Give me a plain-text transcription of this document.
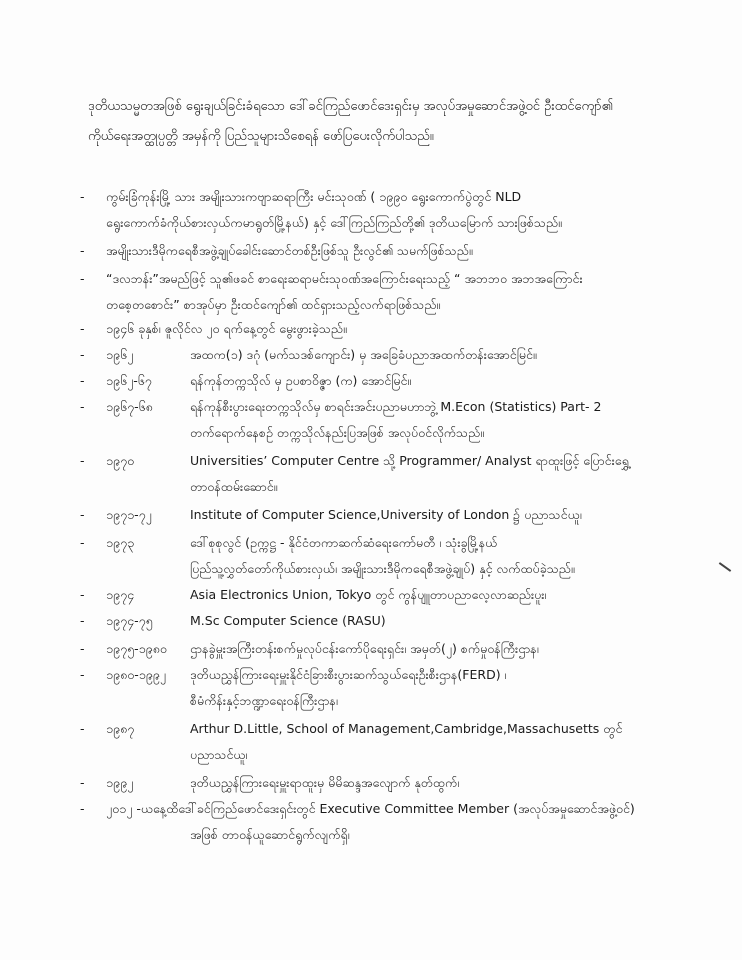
ဒုတိယသမ္မတအဖြစ် ရွေးချယ်ခြင်းခံရသော ဒေါ်ခင်ကြည်ဖောင်ဒေးရှင်းမှ အလုပ်အမှုဆောင်အဖွဲ့ဝင် ဦးထင်ကျော်၏
ကိုယ်ရေးအတ္ထုပ္ပတ္တိ အမှန်ကို ပြည်သူများသိစေရန် ဖော်ပြပေးလိုက်ပါသည်။
-	ကွမ်းခြံကုန်းမြို့ သား အမျိုးသားကဗျာဆရာကြီး မင်းသုဝဏ် ( ၁၉၉၀ ရွေးကောက်ပွဲတွင် NLD
ရွေးကောက်ခံကိုယ်စားလှယ်ကမာရွတ်မြို့နယ်) နှင့် ဒေါ်ကြည်ကြည်တို့၏ ဒုတိယမြောက် သားဖြစ်သည်။
-	အမျိုးသားဒီမိုကရေစီအဖွဲ့ချုပ်ခေါင်းဆောင်တစ်ဦးဖြစ်သူ ဦးလွင်၏ သမက်ဖြစ်သည်။
-	“ဒလဘန်း”အမည်ဖြင့် သူ၏ဖခင် စာရေးဆရာမင်းသုဝဏ်အကြောင်းရေးသည့် “ အဘဘဝ အဘအကြောင်း
တစေ့တစောင်း” စာအုပ်မှာ ဦးထင်ကျော်၏ ထင်ရှားသည့်လက်ရာဖြစ်သည်။
-	၁၉၄၆ ခုနှစ်၊ ဇူလိုင်လ ၂၀ ရက်နေ့တွင် မွေးဖွားခဲ့သည်။
-	၁၉၆၂	အထက(၁) ဒဂုံ (မက်သဒစ်ကျောင်း) မှ အခြေခံပညာအထက်တန်းအောင်မြင်။
-	၁၉၆၂-၆၇	ရန်ကုန်တက္ကသိုလ် မှ ဥပစာဝိဇ္ဇာ (က) အောင်မြင်။
-	၁၉၆၇-၆၈	ရန်ကုန်စီးပွားရေးတက္ကသိုလ်မှ စာရင်းအင်းပညာမဟာဘွဲ့ M.Econ (Statistics) Part- 2
တက်ရောက်နေစဉ် တက္ကသိုလ်နည်းပြအဖြစ် အလုပ်ဝင်လိုက်သည်။
-	၁၉၇၀	Universities’ Computer Centre သို့ Programmer/ Analyst ရာထူးဖြင့် ပြောင်းရွှေ့
တာဝန်ထမ်းဆောင်။
-	၁၉၇၁-၇၂	Institute of Computer Science,University of London ၌ ပညာသင်ယူ၊
-	၁၉၇၃	ဒေါ်စုစုလွင် (ဥက္ကဋ္ဌ - နိုင်ငံတကာဆက်ဆံရေးကော်မတီ ၊ သုံးခွမြို့နယ်
ပြည်သူ့လွှတ်တော်ကိုယ်စားလှယ်၊ အမျိုးသားဒီမိုကရေစီအဖွဲ့ချုပ်) နှင့် လက်ထပ်ခဲ့သည်။
-	၁၉၇၄	Asia Electronics Union, Tokyo တွင် ကွန်ပျူတာပညာလေ့လာဆည်းပူး၊
-	၁၉၇၄-၇၅	M.Sc Computer Science (RASU)
-	၁၉၇၅-၁၉၈၀	ဌာနခွဲမှူးအကြီးတန်းစက်မှုလုပ်ငန်းကော်ပိုရေးရှင်း၊ အမှတ်(၂) စက်မှုဝန်ကြီးဌာန၊
-	၁၉၈၀-၁၉၉၂	ဒုတိယညွှန်ကြားရေးမှူးနိုင်ငံခြားစီးပွားဆက်သွယ်ရေးဦးစီးဌာန(FERD) ၊
စီမံကိန်းနှင့်ဘဏ္ဍာရေးဝန်ကြီးဌာန၊
-	၁၉၈၇	Arthur D.Little, School of Management,Cambridge,Massachusetts တွင်
ပညာသင်ယူ၊
-	၁၉၉၂	ဒုတိယညွှန်ကြားရေးမှူးရာထူးမှ မိမိဆန္ဒအလျောက် နုတ်ထွက်၊
-	၂၀၁၂ -ယနေ့ထိဒေါ်ခင်ကြည်ဖောင်ဒေးရှင်းတွင် Executive Committee Member (အလုပ်အမှုဆောင်အဖွဲ့ဝင်)
အဖြစ် တာဝန်ယူဆောင်ရွက်လျက်ရှိ၊
